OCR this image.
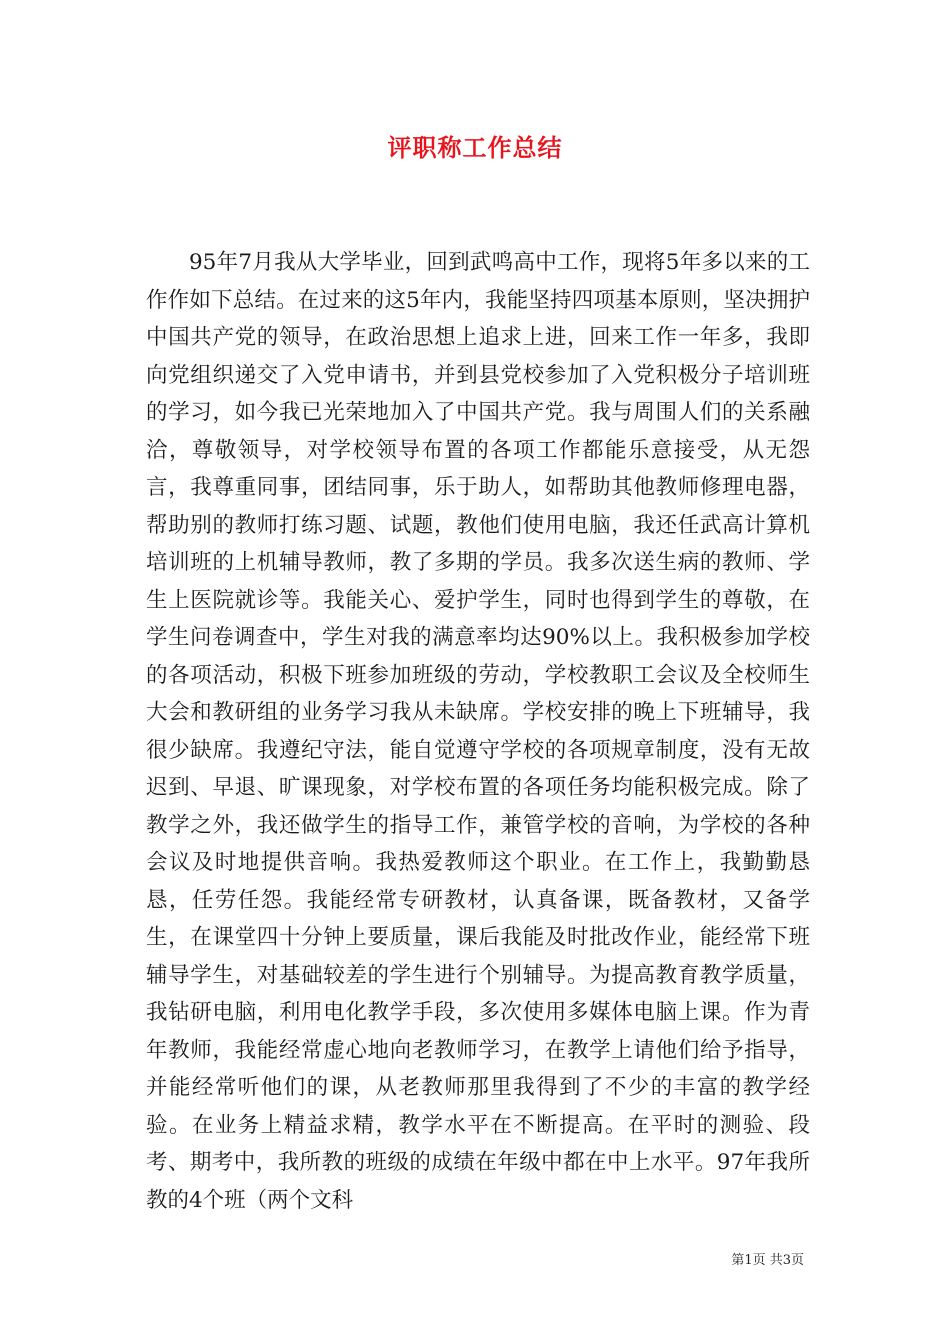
评职称工作总结

95年7月我从大学毕业，回到武鸣高中工作，现将5年多以来的工作作如下总结。在过来的这5年内，我能坚持四项基本原则，坚决拥护中国共产党的领导，在政治思想上追求上进，回来工作一年多，我即向党组织递交了入党申请书，并到县党校参加了入党积极分子培训班的学习，如今我已光荣地加入了中国共产党。我与周围人们的关系融洽，尊敬领导，对学校领导布置的各项工作都能乐意接受，从无怨言，我尊重同事，团结同事，乐于助人，如帮助其他教师修理电器，帮助别的教师打练习题、试题，教他们使用电脑，我还任武高计算机培训班的上机辅导教师，教了多期的学员。我多次送生病的教师、学生上医院就诊等。我能关心、爱护学生，同时也得到学生的尊敬，在学生问卷调查中，学生对我的满意率均达90%以上。我积极参加学校的各项活动，积极下班参加班级的劳动，学校教职工会议及全校师生大会和教研组的业务学习我从未缺席。学校安排的晚上下班辅导，我很少缺席。我遵纪守法，能自觉遵守学校的各项规章制度，没有无故迟到、早退、旷课现象，对学校布置的各项任务均能积极完成。除了教学之外，我还做学生的指导工作，兼管学校的音响，为学校的各种会议及时地提供音响。我热爱教师这个职业。在工作上，我勤勤恳恳，任劳任怨。我能经常专研教材，认真备课，既备教材，又备学生，在课堂四十分钟上要质量，课后我能及时批改作业，能经常下班辅导学生，对基础较差的学生进行个别辅导。为提高教育教学质量，我钻研电脑，利用电化教学手段，多次使用多媒体电脑上课。作为青年教师，我能经常虚心地向老教师学习，在教学上请他们给予指导，并能经常听他们的课，从老教师那里我得到了不少的丰富的教学经验。在业务上精益求精，教学水平在不断提高。在平时的测验、段考、期考中，我所教的班级的成绩在年级中都在中上水平。97年我所教的4个班（两个文科

第1页 共3页
